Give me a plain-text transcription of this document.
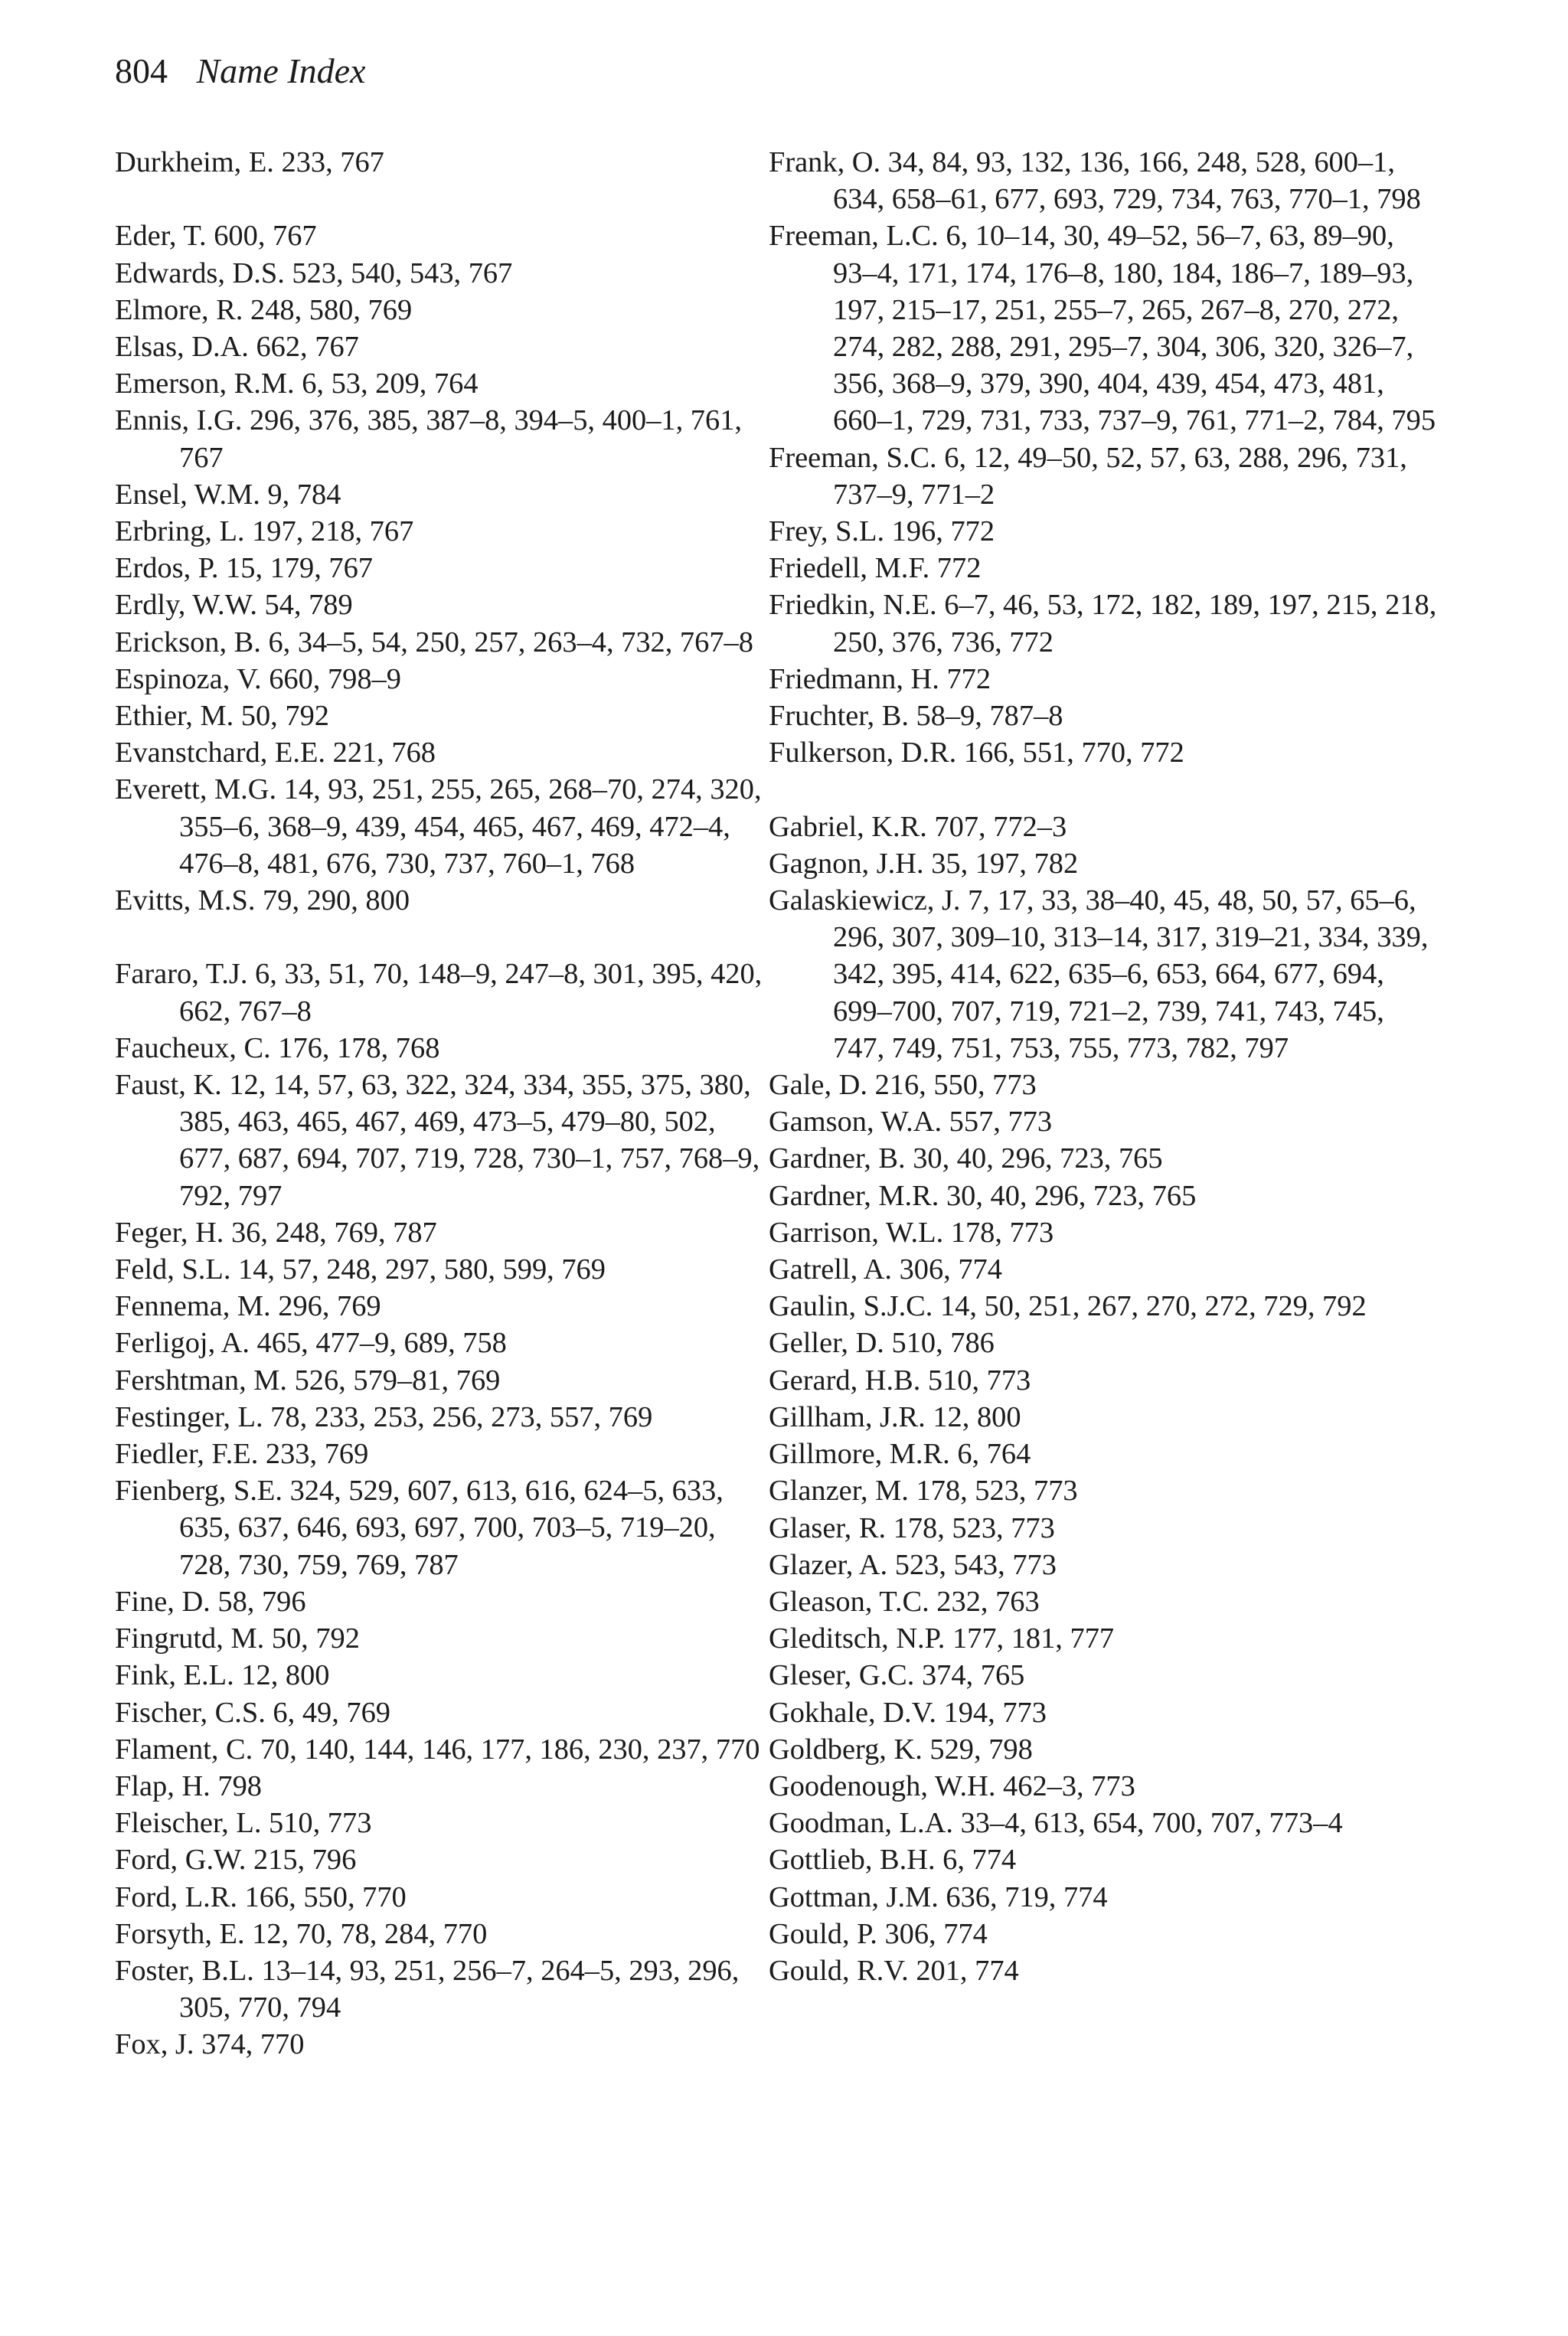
804 Name Index
Durkheim, E. 233, 767
Eder, T. 600, 767
Edwards, D.S. 523, 540, 543, 767
Elmore, R. 248, 580, 769
Elsas, D.A. 662, 767
Emerson, R.M. 6, 53, 209, 764
Ennis, I.G. 296, 376, 385, 387–8, 394–5, 400–1, 761, 767
Ensel, W.M. 9, 784
Erbring, L. 197, 218, 767
Erdos, P. 15, 179, 767
Erdly, W.W. 54, 789
Erickson, B. 6, 34–5, 54, 250, 257, 263–4, 732, 767–8
Espinoza, V. 660, 798–9
Ethier, M. 50, 792
Evanstchard, E.E. 221, 768
Everett, M.G. 14, 93, 251, 255, 265, 268–70, 274, 320, 355–6, 368–9, 439, 454, 465, 467, 469, 472–4, 476–8, 481, 676, 730, 737, 760–1, 768
Evitts, M.S. 79, 290, 800
Fararo, T.J. 6, 33, 51, 70, 148–9, 247–8, 301, 395, 420, 662, 767–8
Faucheux, C. 176, 178, 768
Faust, K. 12, 14, 57, 63, 322, 324, 334, 355, 375, 380, 385, 463, 465, 467, 469, 473–5, 479–80, 502, 677, 687, 694, 707, 719, 728, 730–1, 757, 768–9, 792, 797
Feger, H. 36, 248, 769, 787
Feld, S.L. 14, 57, 248, 297, 580, 599, 769
Fennema, M. 296, 769
Ferligoj, A. 465, 477–9, 689, 758
Fershtman, M. 526, 579–81, 769
Festinger, L. 78, 233, 253, 256, 273, 557, 769
Fiedler, F.E. 233, 769
Fienberg, S.E. 324, 529, 607, 613, 616, 624–5, 633, 635, 637, 646, 693, 697, 700, 703–5, 719–20, 728, 730, 759, 769, 787
Fine, D. 58, 796
Fingrutd, M. 50, 792
Fink, E.L. 12, 800
Fischer, C.S. 6, 49, 769
Flament, C. 70, 140, 144, 146, 177, 186, 230, 237, 770
Flap, H. 798
Fleischer, L. 510, 773
Ford, G.W. 215, 796
Ford, L.R. 166, 550, 770
Forsyth, E. 12, 70, 78, 284, 770
Foster, B.L. 13–14, 93, 251, 256–7, 264–5, 293, 296, 305, 770, 794
Fox, J. 374, 770
Frank, O. 34, 84, 93, 132, 136, 166, 248, 528, 600–1, 634, 658–61, 677, 693, 729, 734, 763, 770–1, 798
Freeman, L.C. 6, 10–14, 30, 49–52, 56–7, 63, 89–90, 93–4, 171, 174, 176–8, 180, 184, 186–7, 189–93, 197, 215–17, 251, 255–7, 265, 267–8, 270, 272, 274, 282, 288, 291, 295–7, 304, 306, 320, 326–7, 356, 368–9, 379, 390, 404, 439, 454, 473, 481, 660–1, 729, 731, 733, 737–9, 761, 771–2, 784, 795
Freeman, S.C. 6, 12, 49–50, 52, 57, 63, 288, 296, 731, 737–9, 771–2
Frey, S.L. 196, 772
Friedell, M.F. 772
Friedkin, N.E. 6–7, 46, 53, 172, 182, 189, 197, 215, 218, 250, 376, 736, 772
Friedmann, H. 772
Fruchter, B. 58–9, 787–8
Fulkerson, D.R. 166, 551, 770, 772
Gabriel, K.R. 707, 772–3
Gagnon, J.H. 35, 197, 782
Galaskiewicz, J. 7, 17, 33, 38–40, 45, 48, 50, 57, 65–6, 296, 307, 309–10, 313–14, 317, 319–21, 334, 339, 342, 395, 414, 622, 635–6, 653, 664, 677, 694, 699–700, 707, 719, 721–2, 739, 741, 743, 745, 747, 749, 751, 753, 755, 773, 782, 797
Gale, D. 216, 550, 773
Gamson, W.A. 557, 773
Gardner, B. 30, 40, 296, 723, 765
Gardner, M.R. 30, 40, 296, 723, 765
Garrison, W.L. 178, 773
Gatrell, A. 306, 774
Gaulin, S.J.C. 14, 50, 251, 267, 270, 272, 729, 792
Geller, D. 510, 786
Gerard, H.B. 510, 773
Gillham, J.R. 12, 800
Gillmore, M.R. 6, 764
Glanzer, M. 178, 523, 773
Glaser, R. 178, 523, 773
Glazer, A. 523, 543, 773
Gleason, T.C. 232, 763
Gleditsch, N.P. 177, 181, 777
Gleser, G.C. 374, 765
Gokhale, D.V. 194, 773
Goldberg, K. 529, 798
Goodenough, W.H. 462–3, 773
Goodman, L.A. 33–4, 613, 654, 700, 707, 773–4
Gottlieb, B.H. 6, 774
Gottman, J.M. 636, 719, 774
Gould, P. 306, 774
Gould, R.V. 201, 774
